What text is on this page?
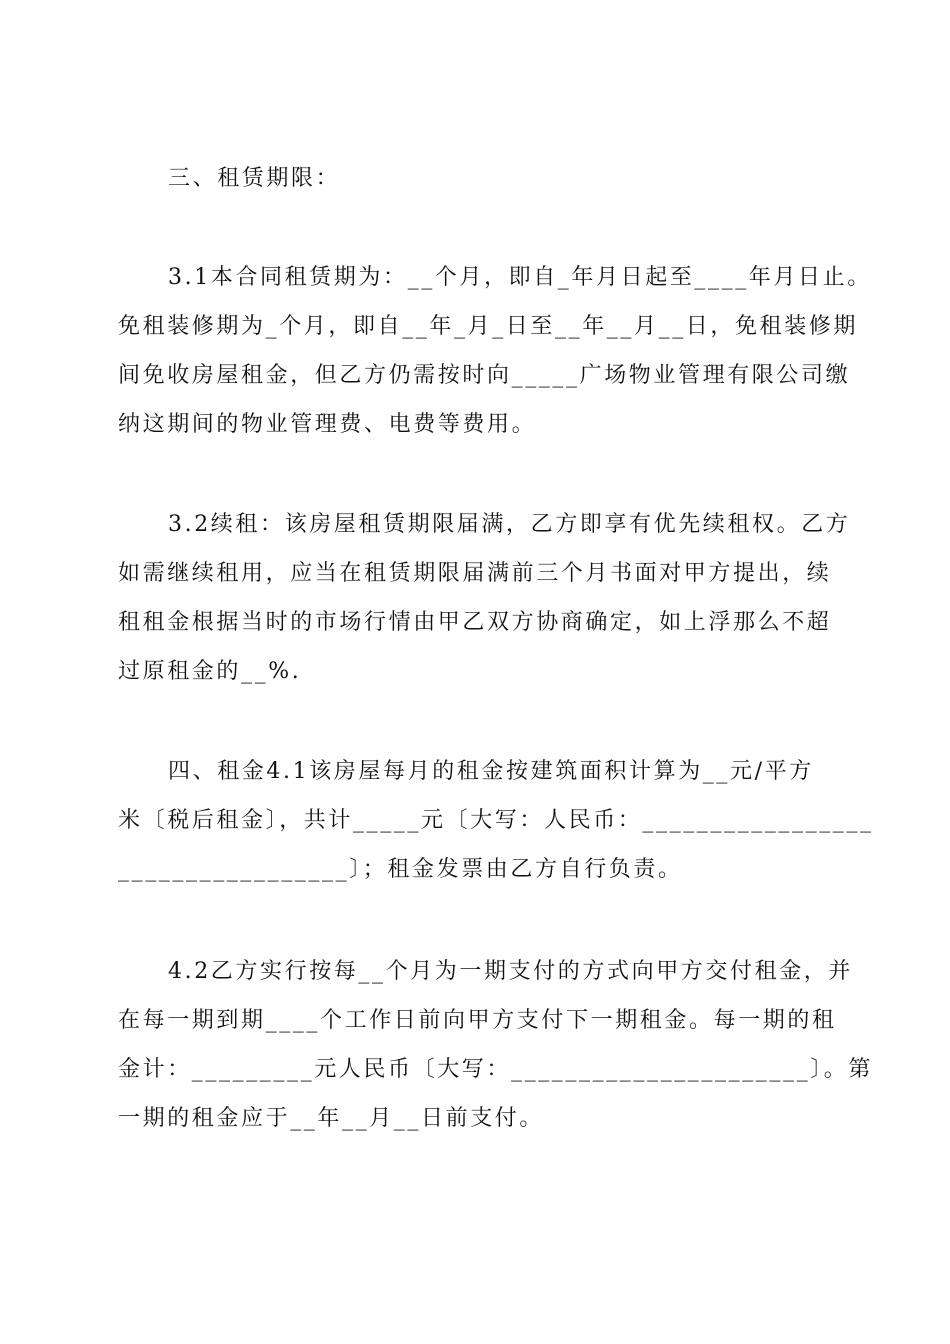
三、租赁期限：

3.1本合同租赁期为：__个月，即自_年月日起至____年月日止。
免租装修期为_个月，即自__年_月_日至__年__月__日，免租装修期
间免收房屋租金，但乙方仍需按时向_____广场物业管理有限公司缴
纳这期间的物业管理费、电费等费用。

3.2续租：该房屋租赁期限届满，乙方即享有优先续租权。乙方
如需继续租用，应当在租赁期限届满前三个月书面对甲方提出，续
租租金根据当时的市场行情由甲乙双方协商确定，如上浮那么不超
过原租金的__%.

四、租金4.1该房屋每月的租金按建筑面积计算为__元/平方
米〔税后租金〕，共计_____元〔大写：人民币：_________________
_________________〕；租金发票由乙方自行负责。

4.2乙方实行按每__个月为一期支付的方式向甲方交付租金，并
在每一期到期____个工作日前向甲方支付下一期租金。每一期的租
金计：_________元人民币〔大写：______________________〕。第
一期的租金应于__年__月__日前支付。
